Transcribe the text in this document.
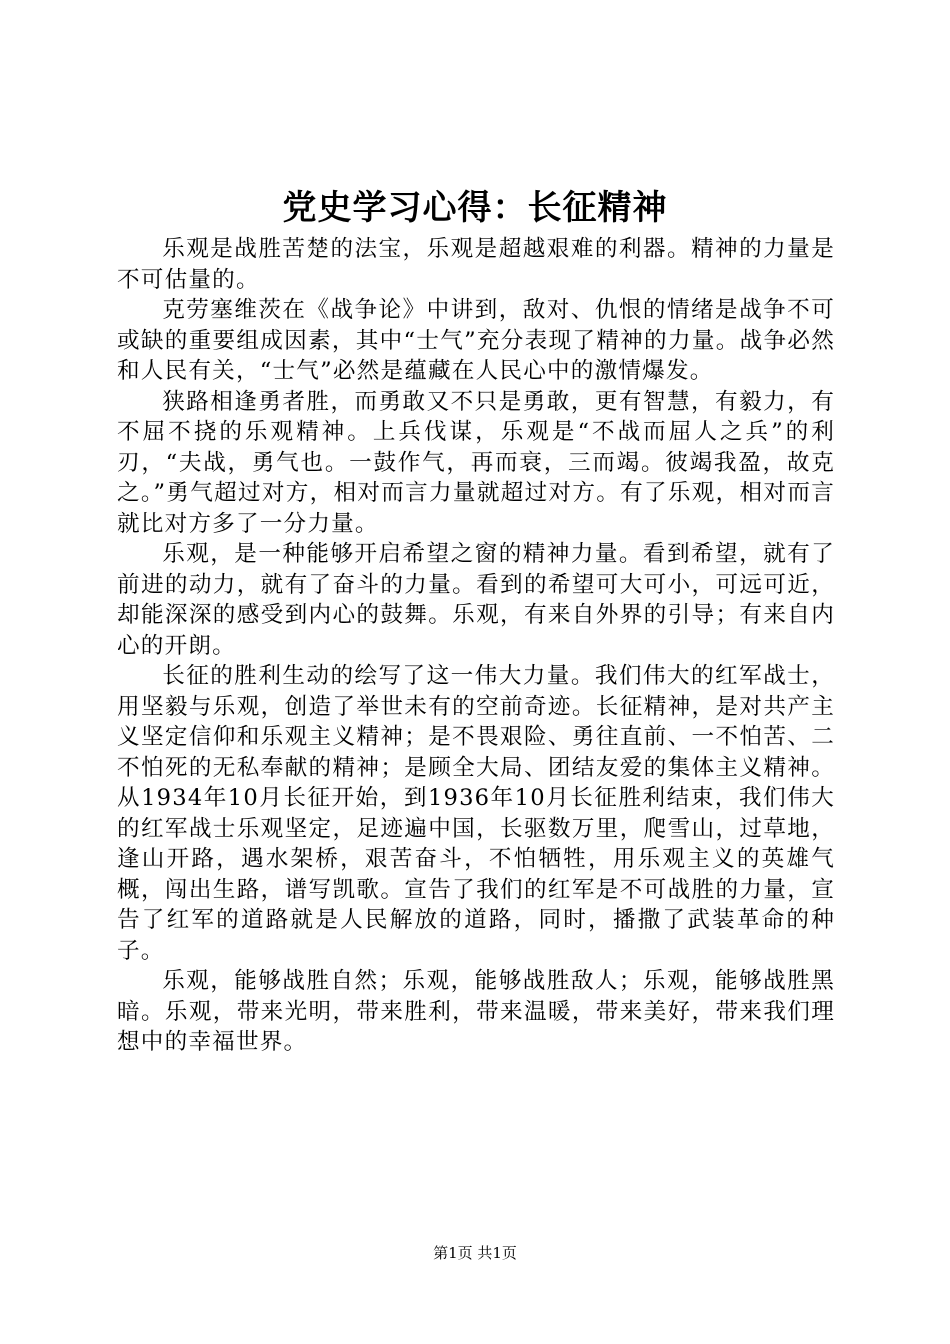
党史学习心得：长征精神

乐观是战胜苦楚的法宝，乐观是超越艰难的利器。精神的力量是不可估量的。

克劳塞维茨在《战争论》中讲到，敌对、仇恨的情绪是战争不可或缺的重要组成因素，其中“士气”充分表现了精神的力量。战争必然和人民有关，“士气”必然是蕴藏在人民心中的激情爆发。

狭路相逢勇者胜，而勇敢又不只是勇敢，更有智慧，有毅力，有不屈不挠的乐观精神。上兵伐谋，乐观是“不战而屈人之兵”的利刃，“夫战，勇气也。一鼓作气，再而衰，三而竭。彼竭我盈，故克之。”勇气超过对方，相对而言力量就超过对方。有了乐观，相对而言就比对方多了一分力量。

乐观，是一种能够开启希望之窗的精神力量。看到希望，就有了前进的动力，就有了奋斗的力量。看到的希望可大可小，可远可近，却能深深的感受到内心的鼓舞。乐观，有来自外界的引导；有来自内心的开朗。

长征的胜利生动的绘写了这一伟大力量。我们伟大的红军战士，用坚毅与乐观，创造了举世未有的空前奇迹。长征精神，是对共产主义坚定信仰和乐观主义精神；是不畏艰险、勇往直前、一不怕苦、二不怕死的无私奉献的精神；是顾全大局、团结友爱的集体主义精神。从1934年10月长征开始，到1936年10月长征胜利结束，我们伟大的红军战士乐观坚定，足迹遍中国，长驱数万里，爬雪山，过草地，逢山开路，遇水架桥，艰苦奋斗，不怕牺牲，用乐观主义的英雄气概，闯出生路，谱写凯歌。宣告了我们的红军是不可战胜的力量，宣告了红军的道路就是人民解放的道路，同时，播撒了武装革命的种子。

乐观，能够战胜自然；乐观，能够战胜敌人；乐观，能够战胜黑暗。乐观，带来光明，带来胜利，带来温暖，带来美好，带来我们理想中的幸福世界。

第1页 共1页
